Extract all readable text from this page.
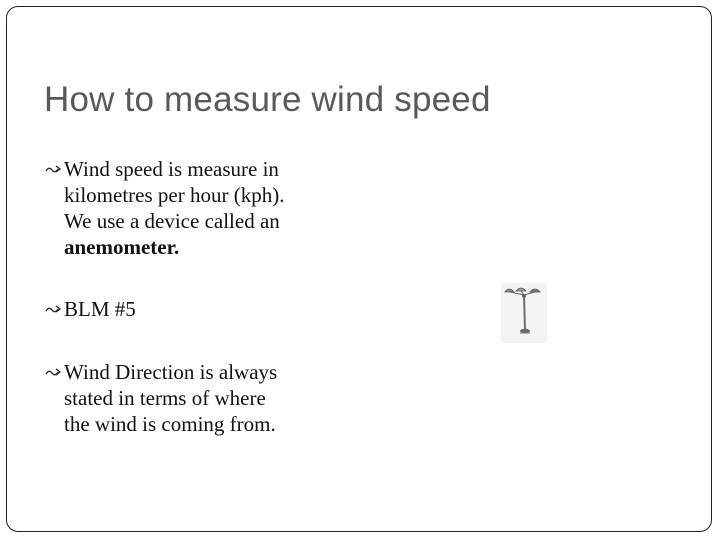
How to measure wind speed
Wind speed is measure in
kilometres per hour (kph).
We use a device called an
anemometer.
BLM #5
Wind Direction is always
stated in terms of where
the wind is coming from.
